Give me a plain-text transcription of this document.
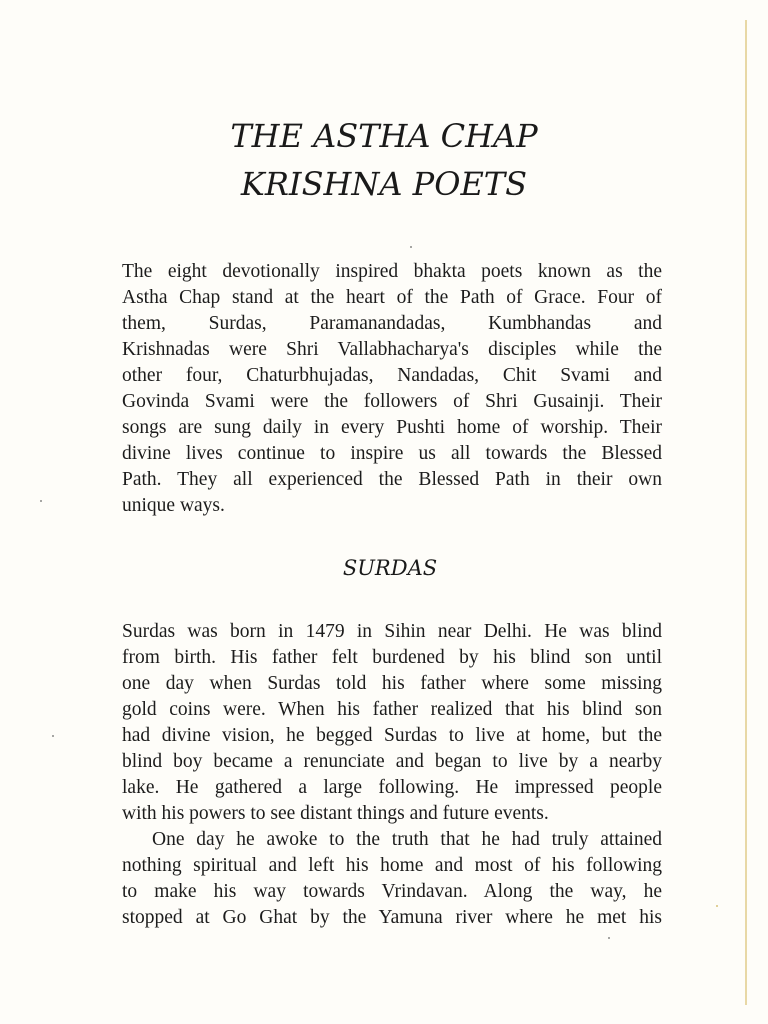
THE ASTHA CHAP
KRISHNA POETS

The eight devotionally inspired bhakta poets known as the
Astha Chap stand at the heart of the Path of Grace. Four of
them, Surdas, Paramanandadas, Kumbhandas and
Krishnadas were Shri Vallabhacharya's disciples while the
other four, Chaturbhujadas, Nandadas, Chit Svami and
Govinda Svami were the followers of Shri Gusainji. Their
songs are sung daily in every Pushti home of worship. Their
divine lives continue to inspire us all towards the Blessed
Path. They all experienced the Blessed Path in their own
unique ways.

SURDAS

Surdas was born in 1479 in Sihin near Delhi. He was blind
from birth. His father felt burdened by his blind son until
one day when Surdas told his father where some missing
gold coins were. When his father realized that his blind son
had divine vision, he begged Surdas to live at home, but the
blind boy became a renunciate and began to live by a nearby
lake. He gathered a large following. He impressed people
with his powers to see distant things and future events.
One day he awoke to the truth that he had truly attained
nothing spiritual and left his home and most of his following
to make his way towards Vrindavan. Along the way, he
stopped at Go Ghat by the Yamuna river where he met his
